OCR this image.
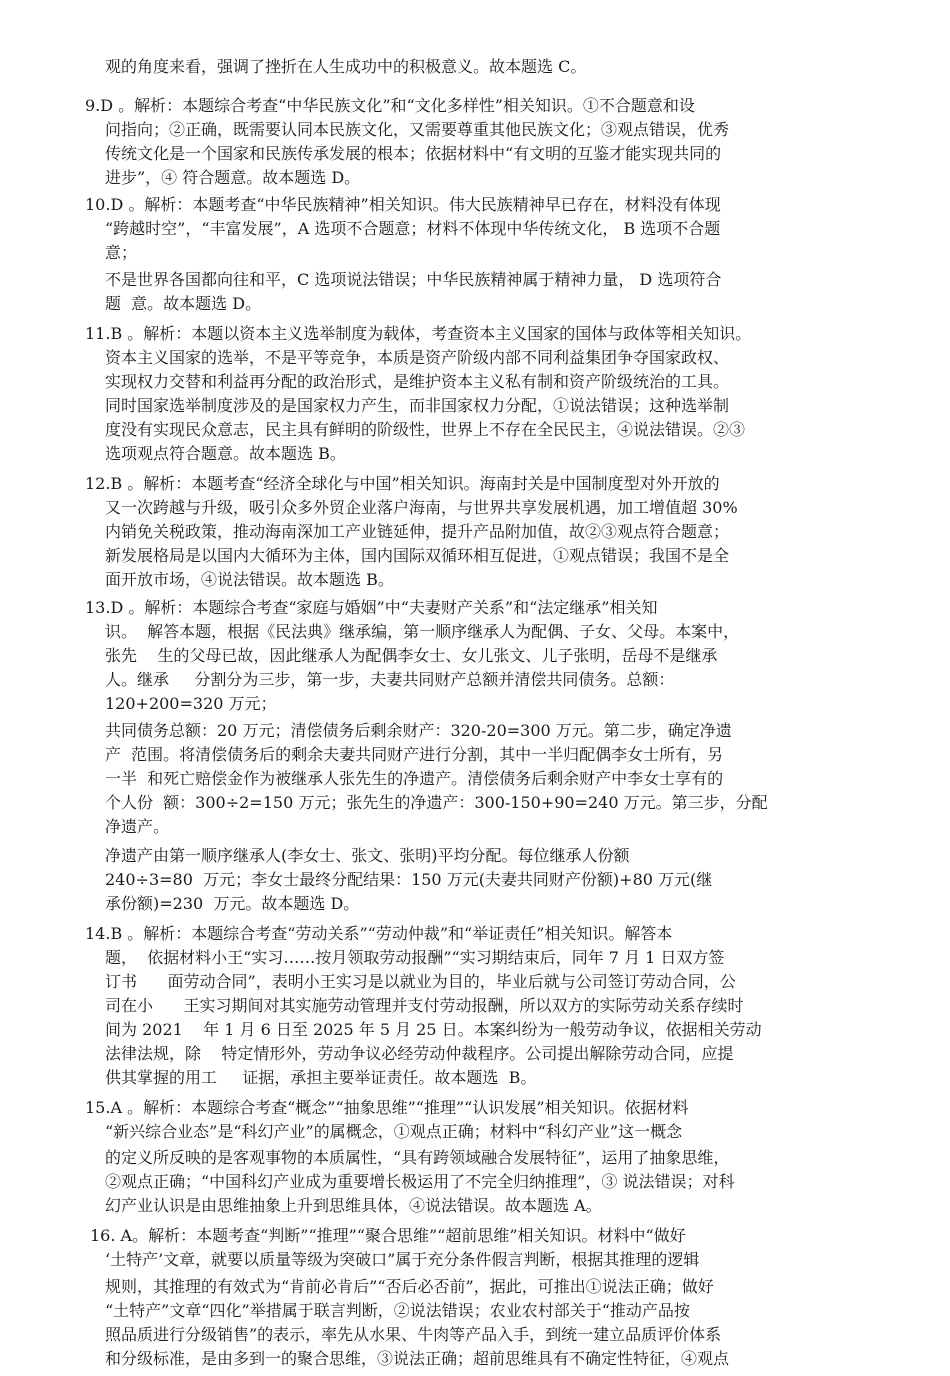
观的角度来看，强调了挫折在人生成功中的积极意义。故本题选 C。
9.D 。解析：本题综合考查“中华民族文化”和“文化多样性”相关知识。①不合题意和设
问指向；②正确，既需要认同本民族文化，又需要尊重其他民族文化；③观点错误，优秀
传统文化是一个国家和民族传承发展的根本；依据材料中“有文明的互鉴才能实现共同的
进步”，④ 符合题意。故本题选 D。
10.D 。解析：本题考查“中华民族精神”相关知识。伟大民族精神早已存在，材料没有体现
“跨越时空”，“丰富发展”，A 选项不合题意；材料不体现中华传统文化， B 选项不合题
意；
不是世界各国都向往和平，C 选项说法错误；中华民族精神属于精神力量， D 选项符合
题  意。故本题选 D。
11.B 。解析：本题以资本主义选举制度为载体，考查资本主义国家的国体与政体等相关知识。
资本主义国家的选举，不是平等竞争，本质是资产阶级内部不同利益集团争夺国家政权、
实现权力交替和利益再分配的政治形式，是维护资本主义私有制和资产阶级统治的工具。
同时国家选举制度涉及的是国家权力产生，而非国家权力分配，①说法错误；这种选举制
度没有实现民众意志，民主具有鲜明的阶级性，世界上不存在全民民主，④说法错误。②③
选项观点符合题意。故本题选 B。
12.B 。解析：本题考查“经济全球化与中国”相关知识。海南封关是中国制度型对外开放的
又一次跨越与升级，吸引众多外贸企业落户海南，与世界共享发展机遇，加工增值超 30%
内销免关税政策，推动海南深加工产业链延伸，提升产品附加值，故②③观点符合题意；
新发展格局是以国内大循环为主体，国内国际双循环相互促进，①观点错误；我国不是全
面开放市场，④说法错误。故本题选 B。
13.D 。解析：本题综合考查“家庭与婚姻”中“夫妻财产关系”和“法定继承”相关知
识。  解答本题，根据《民法典》继承编，第一顺序继承人为配偶、子女、父母。本案中，
张先    生的父母已故，因此继承人为配偶李女士、女儿张文、儿子张明，岳母不是继承
人。继承     分割分为三步，第一步，夫妻共同财产总额并清偿共同债务。总额：
120+200=320 万元；
共同债务总额：20 万元；清偿债务后剩余财产：320-20=300 万元。第二步，确定净遗
产  范围。将清偿债务后的剩余夫妻共同财产进行分割，其中一半归配偶李女士所有，另
一半  和死亡赔偿金作为被继承人张先生的净遗产。清偿债务后剩余财产中李女士享有的
个人份  额：300÷2=150 万元；张先生的净遗产：300-150+90=240 万元。第三步，分配
净遗产。
净遗产由第一顺序继承人(李女士、张文、张明)平均分配。每位继承人份额
240÷3=80  万元；李女士最终分配结果：150 万元(夫妻共同财产份额)+80 万元(继
承份额)=230  万元。故本题选 D。
14.B 。解析：本题综合考查“劳动关系”“劳动仲裁”和“举证责任”相关知识。解答本
题，  依据材料小王“实习……按月领取劳动报酬”“实习期结束后，同年 7 月 1 日双方签
订书      面劳动合同”，表明小王实习是以就业为目的，毕业后就与公司签订劳动合同，公
司在小      王实习期间对其实施劳动管理并支付劳动报酬，所以双方的实际劳动关系存续时
间为 2021    年 1 月 6 日至 2025 年 5 月 25 日。本案纠纷为一般劳动争议，依据相关劳动
法律法规，除    特定情形外，劳动争议必经劳动仲裁程序。公司提出解除劳动合同，应提
供其掌握的用工     证据，承担主要举证责任。故本题选  B。
15.A 。解析：本题综合考查“概念”“抽象思维”“推理”“认识发展”相关知识。依据材料
“新兴综合业态”是“科幻产业”的属概念，①观点正确；材料中“科幻产业”这一概念
的定义所反映的是客观事物的本质属性，“具有跨领域融合发展特征”，运用了抽象思维，
②观点正确；“中国科幻产业成为重要增长极运用了不完全归纳推理”，③ 说法错误；对科
幻产业认识是由思维抽象上升到思维具体，④说法错误。故本题选 A。
16. A。解析：本题考查“判断”“推理”“聚合思维”“超前思维”相关知识。材料中“做好
‘土特产’文章，就要以质量等级为突破口”属于充分条件假言判断，根据其推理的逻辑
规则，其推理的有效式为“肯前必肯后”“否后必否前”，据此，可推出①说法正确；做好
“土特产”文章“四化”举措属于联言判断，②说法错误；农业农村部关于“推动产品按
照品质进行分级销售”的表示，率先从水果、牛肉等产品入手，到统一建立品质评价体系
和分级标准，是由多到一的聚合思维，③说法正确；超前思维具有不确定性特征，④观点
